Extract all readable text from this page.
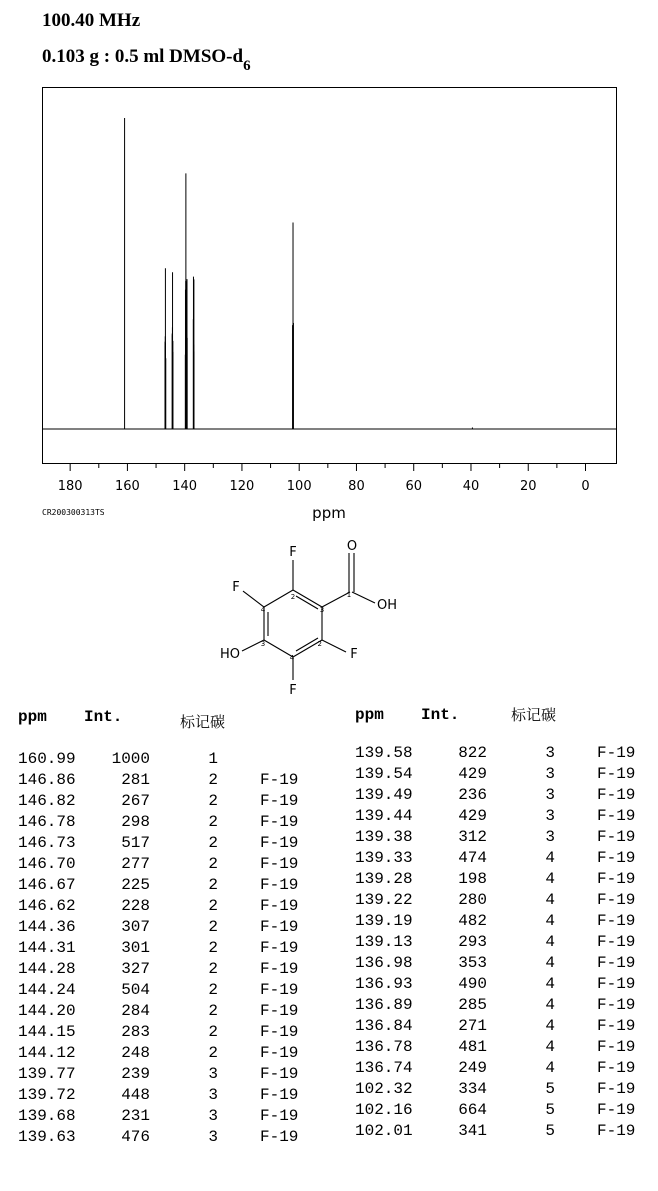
100.40 MHz
0.103 g : 0.5 ml DMSO-$d_6$
180 160 140 120 100	80	60	40	20	0
ppm
CR200300313TS
F
F
F
F
O
OH
HO
1
2
2
3
3
4
4
ppm Int.	标记碳
160.99	1000	1
146.86	281	2	F-19
146.82	267	2	F-19
146.78	298	2	F-19
146.73	517	2	F-19
146.70	277	2	F-19
146.67	225	2	F-19
146.62	228	2	F-19
144.36	307	2	F-19
144.31	301	2	F-19
144.28	327	2	F-19
144.24	504	2	F-19
144.20	284	2	F-19
144.15	283	2	F-19
144.12	248	2	F-19
139.77	239	3	F-19
139.72	448	3	F-19
139.68	231	3	F-19
139.63	476	3	F-19
ppm Int.	标记碳
139.58	822	3	F-19
139.54	429	3	F-19
139.49	236	3	F-19
139.44	429	3	F-19
139.38	312	3	F-19
139.33	474	4	F-19
139.28	198	4	F-19
139.22	280	4	F-19
139.19	482	4	F-19
139.13	293	4	F-19
136.98	353	4	F-19
136.93	490	4	F-19
136.89	285	4	F-19
136.84	271	4	F-19
136.78	481	4	F-19
136.74	249	4	F-19
102.32	334	5	F-19
102.16	664	5	F-19
102.01	341	5	F-19
